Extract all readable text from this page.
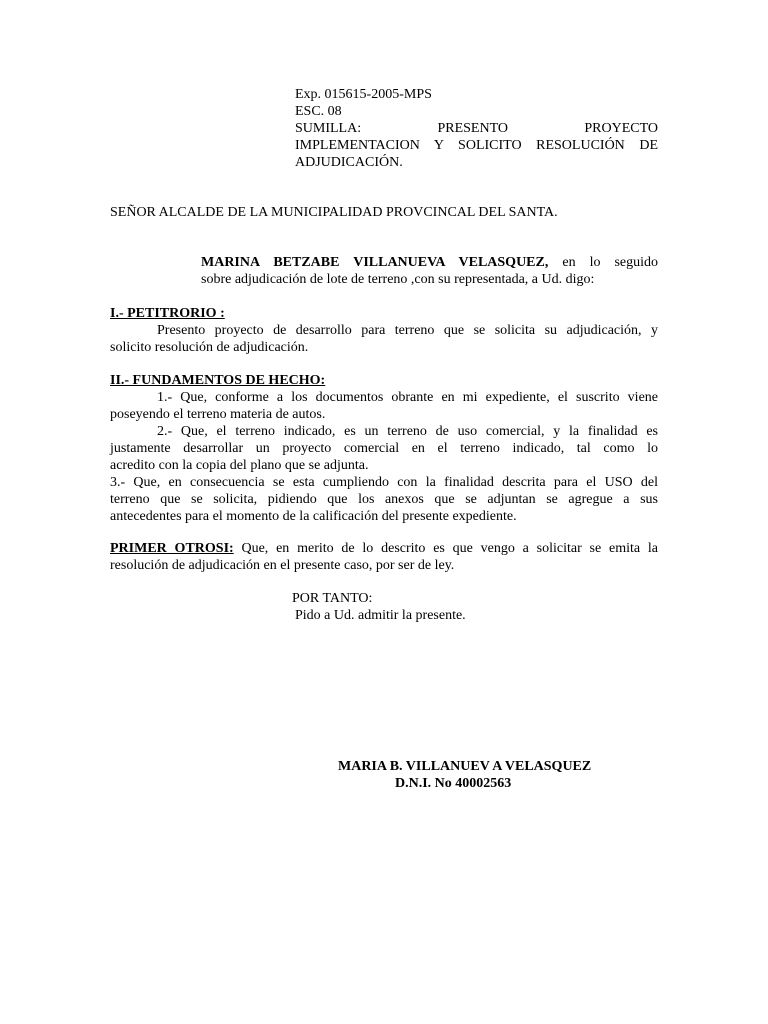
Exp. 015615-2005-MPS
ESC. 08
SUMILLA: PRESENTO PROYECTO
IMPLEMENTACION Y SOLICITO RESOLUCIÓN DE
ADJUDICACIÓN.
SEÑOR ALCALDE DE LA MUNICIPALIDAD PROVCINCAL DEL SANTA.
MARINA BETZABE VILLANUEVA VELASQUEZ, en lo seguido
sobre adjudicación de lote de terreno ,con su representada, a Ud. digo:
I.- PETITRORIO :
Presento proyecto de desarrollo para terreno que se solicita su adjudicación, y
solicito resolución de adjudicación.
II.- FUNDAMENTOS DE HECHO:
1.- Que, conforme a los documentos obrante en mi expediente, el suscrito viene
poseyendo el terreno materia de autos.
2.- Que, el terreno indicado, es un terreno de uso comercial, y la finalidad es
justamente desarrollar un proyecto comercial en el terreno indicado, tal como lo
acredito con la copia del plano que se adjunta.
3.- Que, en consecuencia se esta cumpliendo con la finalidad descrita para el USO del
terreno que se solicita, pidiendo que los anexos que se adjuntan se agregue a sus
antecedentes para el momento de la calificación del presente expediente.
PRIMER OTROSI: Que, en merito de lo descrito es que vengo a solicitar se emita la
resolución de adjudicación en el presente caso, por ser de ley.
POR TANTO:
Pido a Ud. admitir la presente.
MARIA B. VILLANUEV A VELASQUEZ
D.N.I. No 40002563
